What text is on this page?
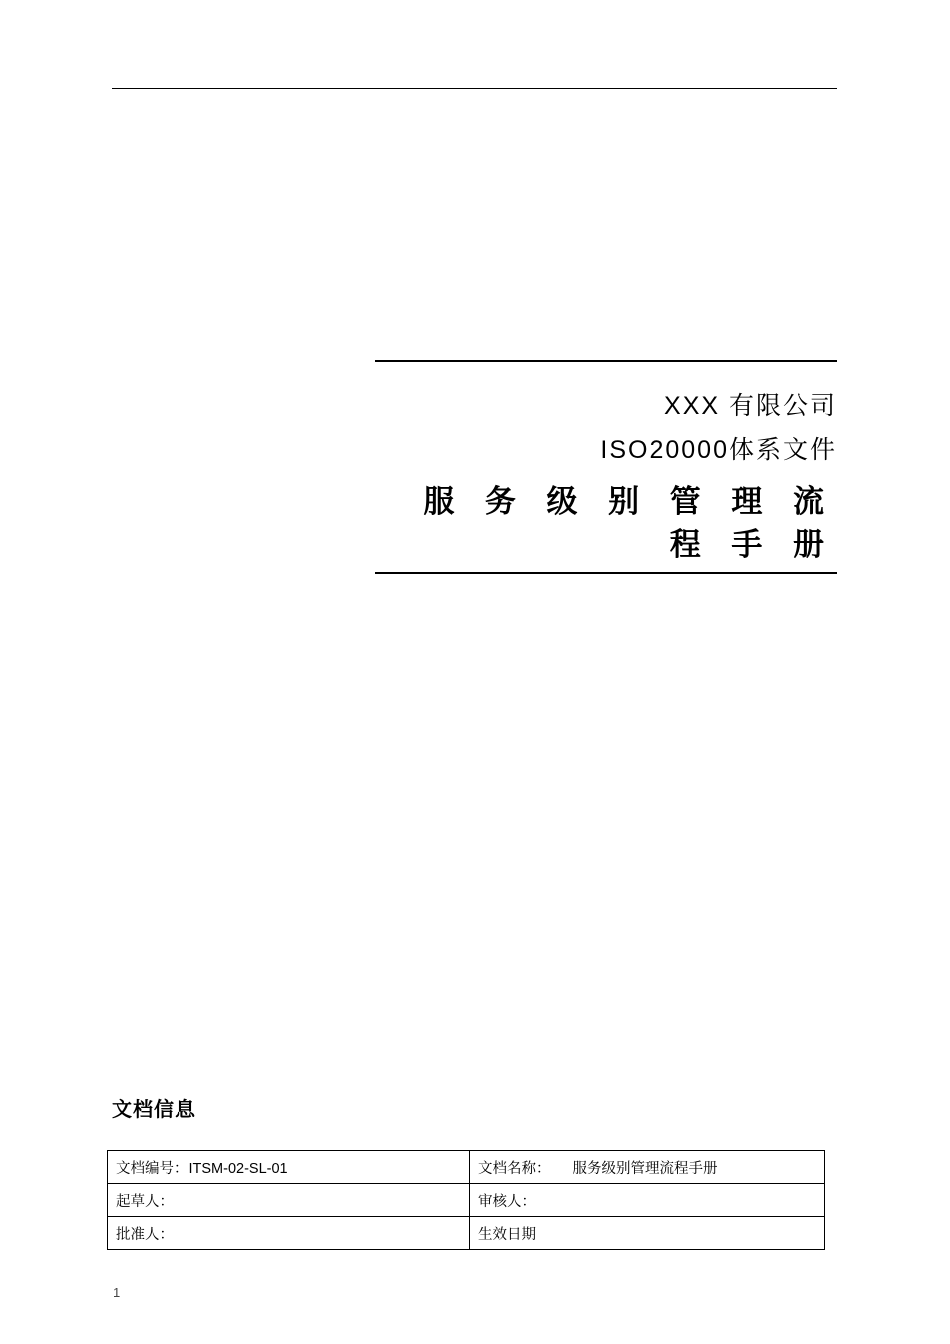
XXX 有限公司
ISO20000体系文件
服 务 级 别 管 理 流 程 手 册
文档信息
文档编号：ITSM-02-SL-01	文档名称： 服务级别管理流程手册
起草人：	审核人：
批准人：	生效日期
1
